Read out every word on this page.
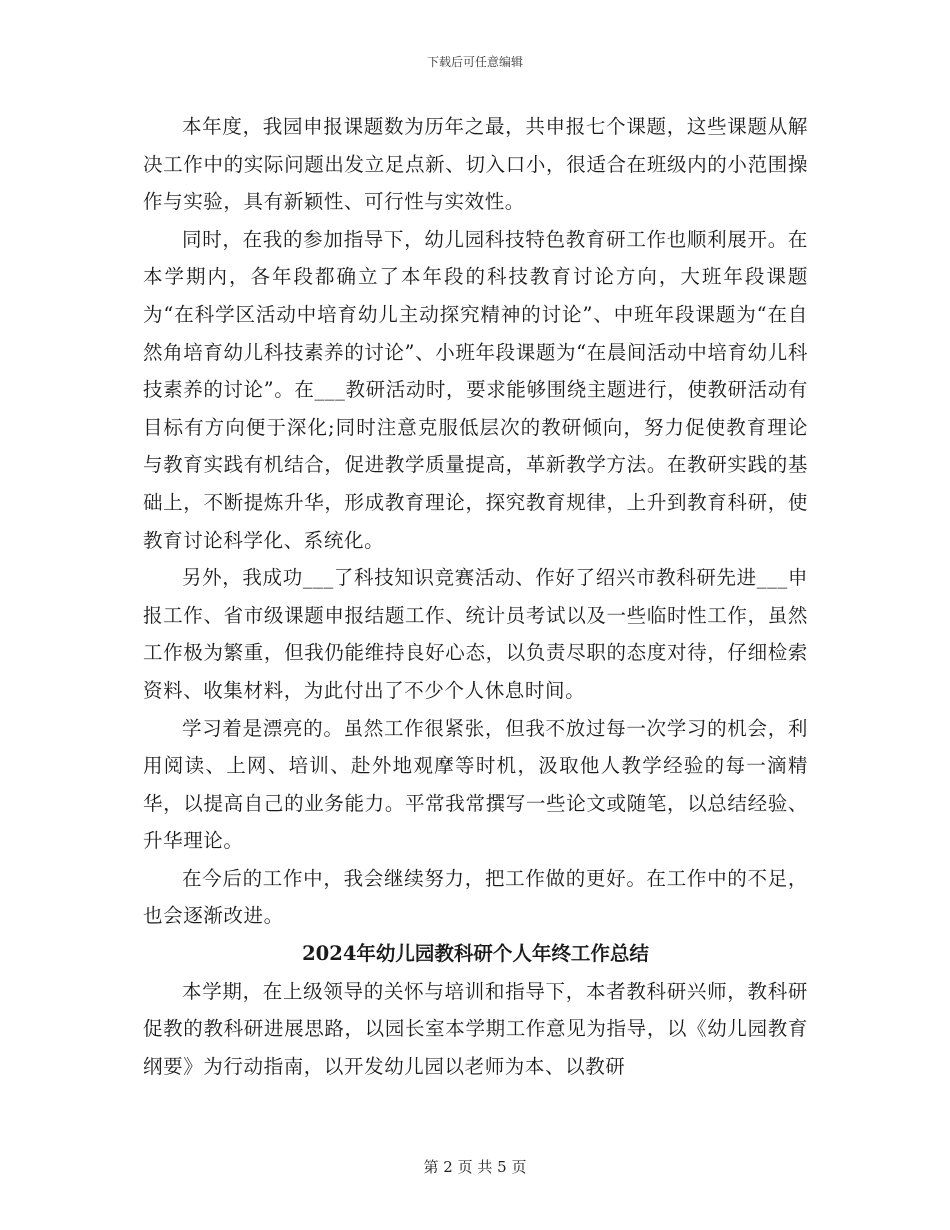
下载后可任意编辑

本年度，我园申报课题数为历年之最，共申报七个课题，这些课题从解决工作中的实际问题出发立足点新、切入口小，很适合在班级内的小范围操作与实验，具有新颖性、可行性与实效性。

同时，在我的参加指导下，幼儿园科技特色教育研工作也顺利展开。在本学期内，各年段都确立了本年段的科技教育讨论方向，大班年段课题为“在科学区活动中培育幼儿主动探究精神的讨论”、中班年段课题为“在自然角培育幼儿科技素养的讨论”、小班年段课题为“在晨间活动中培育幼儿科技素养的讨论”。在___教研活动时，要求能够围绕主题进行，使教研活动有目标有方向便于深化;同时注意克服低层次的教研倾向，努力促使教育理论与教育实践有机结合，促进教学质量提高，革新教学方法。在教研实践的基础上，不断提炼升华，形成教育理论，探究教育规律，上升到教育科研，使教育讨论科学化、系统化。

另外，我成功___了科技知识竞赛活动、作好了绍兴市教科研先进___申报工作、省市级课题申报结题工作、统计员考试以及一些临时性工作，虽然工作极为繁重，但我仍能维持良好心态，以负责尽职的态度对待，仔细检索资料、收集材料，为此付出了不少个人休息时间。

学习着是漂亮的。虽然工作很紧张，但我不放过每一次学习的机会，利用阅读、上网、培训、赴外地观摩等时机，汲取他人教学经验的每一滴精华，以提高自己的业务能力。平常我常撰写一些论文或随笔，以总结经验、升华理论。

在今后的工作中，我会继续努力，把工作做的更好。在工作中的不足，也会逐渐改进。

2024年幼儿园教科研个人年终工作总结

本学期，在上级领导的关怀与培训和指导下，本者教科研兴师，教科研促教的教科研进展思路，以园长室本学期工作意见为指导，以《幼儿园教育纲要》为行动指南，以开发幼儿园以老师为本、以教研

第 2 页 共 5 页
